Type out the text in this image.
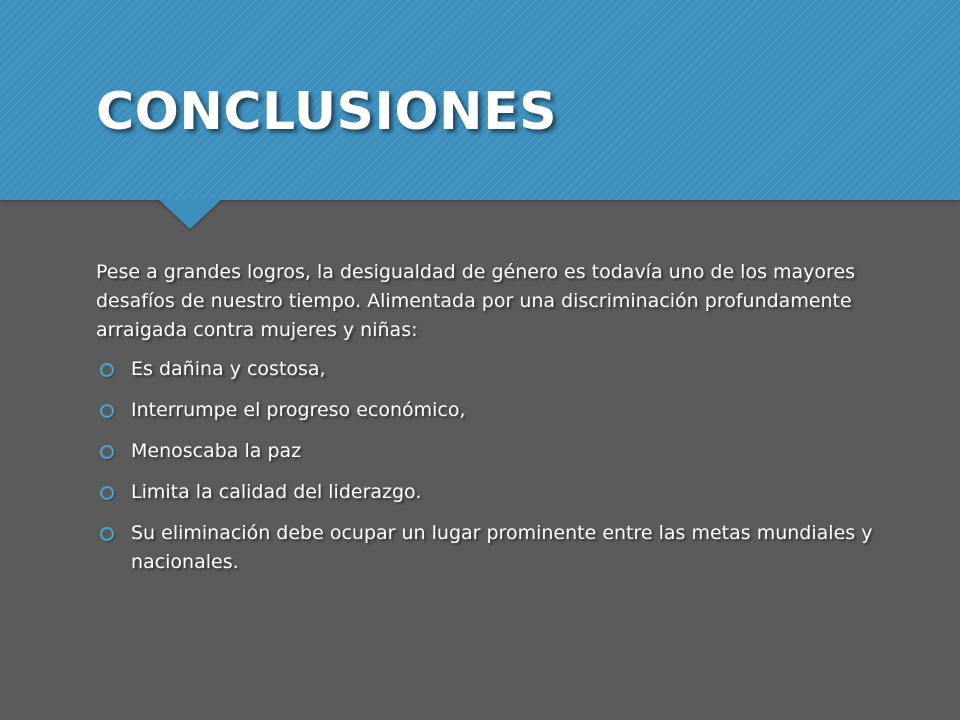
CONCLUSIONES

Pese a grandes logros, la desigualdad de género es todavía uno de los mayores desafíos de nuestro tiempo. Alimentada por una discriminación profundamente arraigada contra mujeres y niñas:

Es dañina y costosa,
Interrumpe el progreso económico,
Menoscaba la paz
Limita la calidad del liderazgo.
Su eliminación debe ocupar un lugar prominente entre las metas mundiales y nacionales.
